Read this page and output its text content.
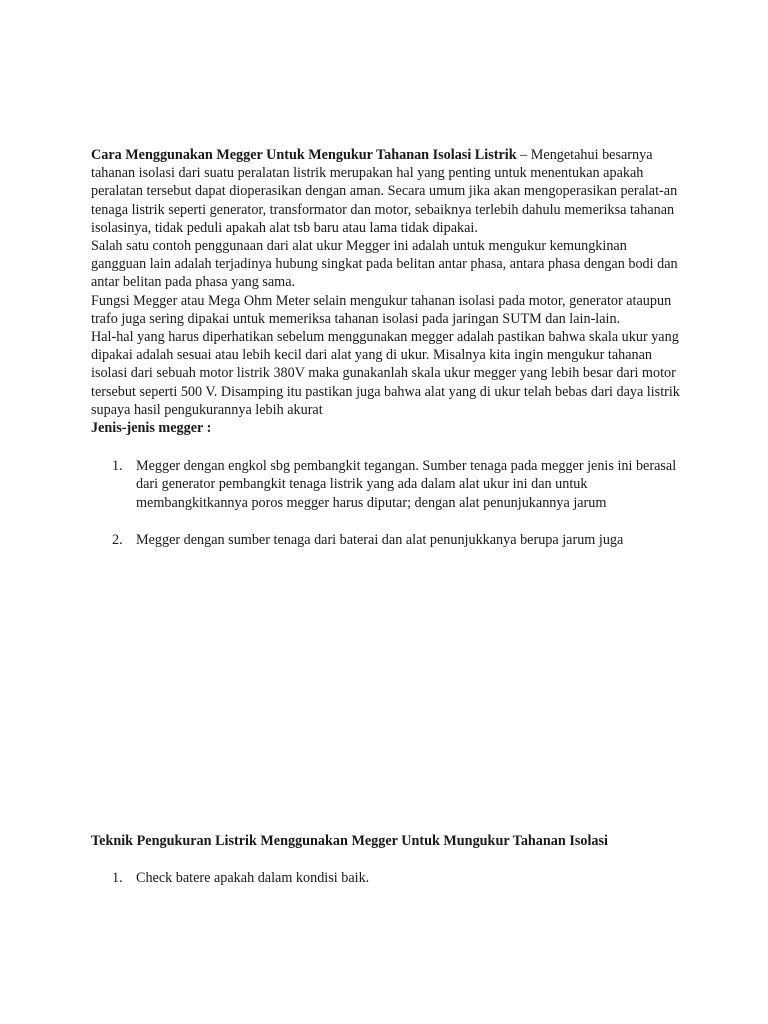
Cara Menggunakan Megger Untuk Mengukur Tahanan Isolasi Listrik – Mengetahui besarnya tahanan isolasi dari suatu peralatan listrik merupakan hal yang penting untuk menentukan apakah peralatan tersebut dapat dioperasikan dengan aman. Secara umum jika akan mengoperasikan peralat-an tenaga listrik seperti generator, transformator dan motor, sebaiknya terlebih dahulu memeriksa tahanan isolasinya, tidak peduli apakah alat tsb baru atau lama tidak dipakai.

Salah satu contoh penggunaan dari alat ukur Megger ini adalah untuk mengukur kemungkinan gangguan lain adalah terjadinya hubung singkat pada belitan antar phasa, antara phasa dengan bodi dan antar belitan pada phasa yang sama.

Fungsi Megger atau Mega Ohm Meter selain mengukur tahanan isolasi pada motor, generator ataupun trafo juga sering dipakai untuk memeriksa tahanan isolasi pada jaringan SUTM dan lain-lain.

Hal-hal yang harus diperhatikan sebelum menggunakan megger adalah pastikan bahwa skala ukur yang dipakai adalah sesuai atau lebih kecil dari alat yang di ukur. Misalnya kita ingin mengukur tahanan isolasi dari sebuah motor listrik 380V maka gunakanlah skala ukur megger yang lebih besar dari motor tersebut seperti 500 V. Disamping itu pastikan juga bahwa alat yang di ukur telah bebas dari daya listrik supaya hasil pengukurannya lebih akurat

Jenis-jenis megger :

1. Megger dengan engkol sbg pembangkit tegangan. Sumber tenaga pada megger jenis ini berasal dari generator pembangkit tenaga listrik yang ada dalam alat ukur ini dan untuk membangkitkannya poros megger harus diputar; dengan alat penunjukannya jarum
2. Megger dengan sumber tenaga dari baterai dan alat penunjukkanya berupa jarum juga

Teknik Pengukuran Listrik Menggunakan Megger Untuk Mungukur Tahanan Isolasi

1. Check batere apakah dalam kondisi baik.
